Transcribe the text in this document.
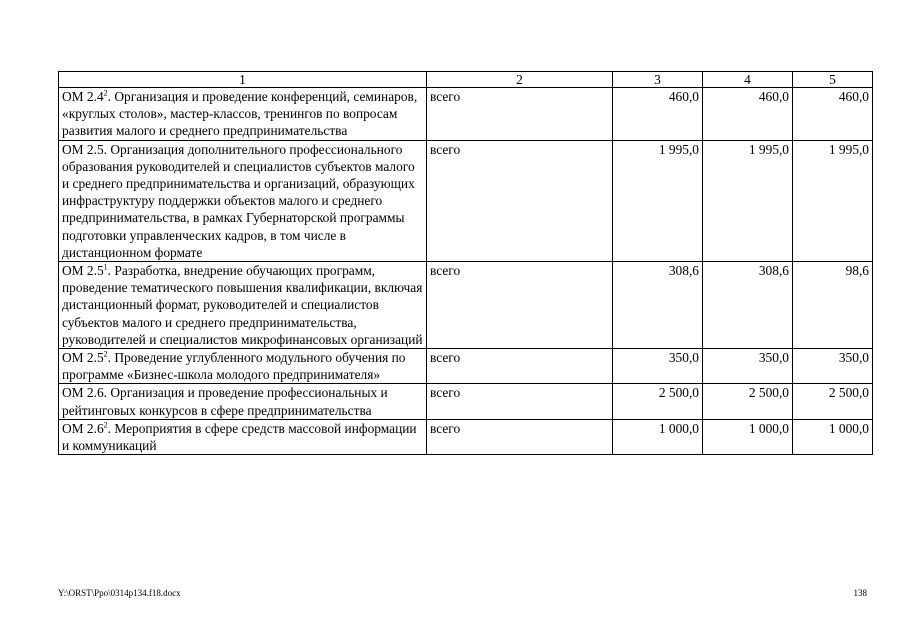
1	2	3	4	5
ОМ $2.4^2$. Организация и проведение конференций, семинаров, «круглых столов», мастер-классов, тренингов по вопросам развития малого и среднего предпринимательства	всего	460,0	460,0	460,0
ОМ 2.5. Организация дополнительного профессионального образования руководителей и специалистов субъектов малого и среднего предпринимательства и организаций, образующих инфраструктуру поддержки объектов малого и среднего предпринимательства, в рамках Губернаторской программы подготовки управленческих кадров, в том числе в дистанционном формате	всего	1 995,0	1 995,0	1 995,0
ОМ $2.5^1$. Разработка, внедрение обучающих программ, проведение тематического повышения квалификации, включая дистанционный формат, руководителей и специалистов субъектов малого и среднего предпринимательства, руководителей и специалистов микрофинансовых организаций	всего	308,6	308,6	98,6
ОМ $2.5^2$. Проведение углубленного модульного обучения по программе «Бизнес-школа молодого предпринимателя»	всего	350,0	350,0	350,0
ОМ 2.6. Организация и проведение профессиональных и рейтинговых конкурсов в сфере предпринимательства	всего	2 500,0	2 500,0	2 500,0
ОМ $2.6^2$. Мероприятия в сфере средств массовой информации и коммуникаций	всего	1 000,0	1 000,0	1 000,0
Y:\ORST\Ppo\0314p134.f18.docx	138
